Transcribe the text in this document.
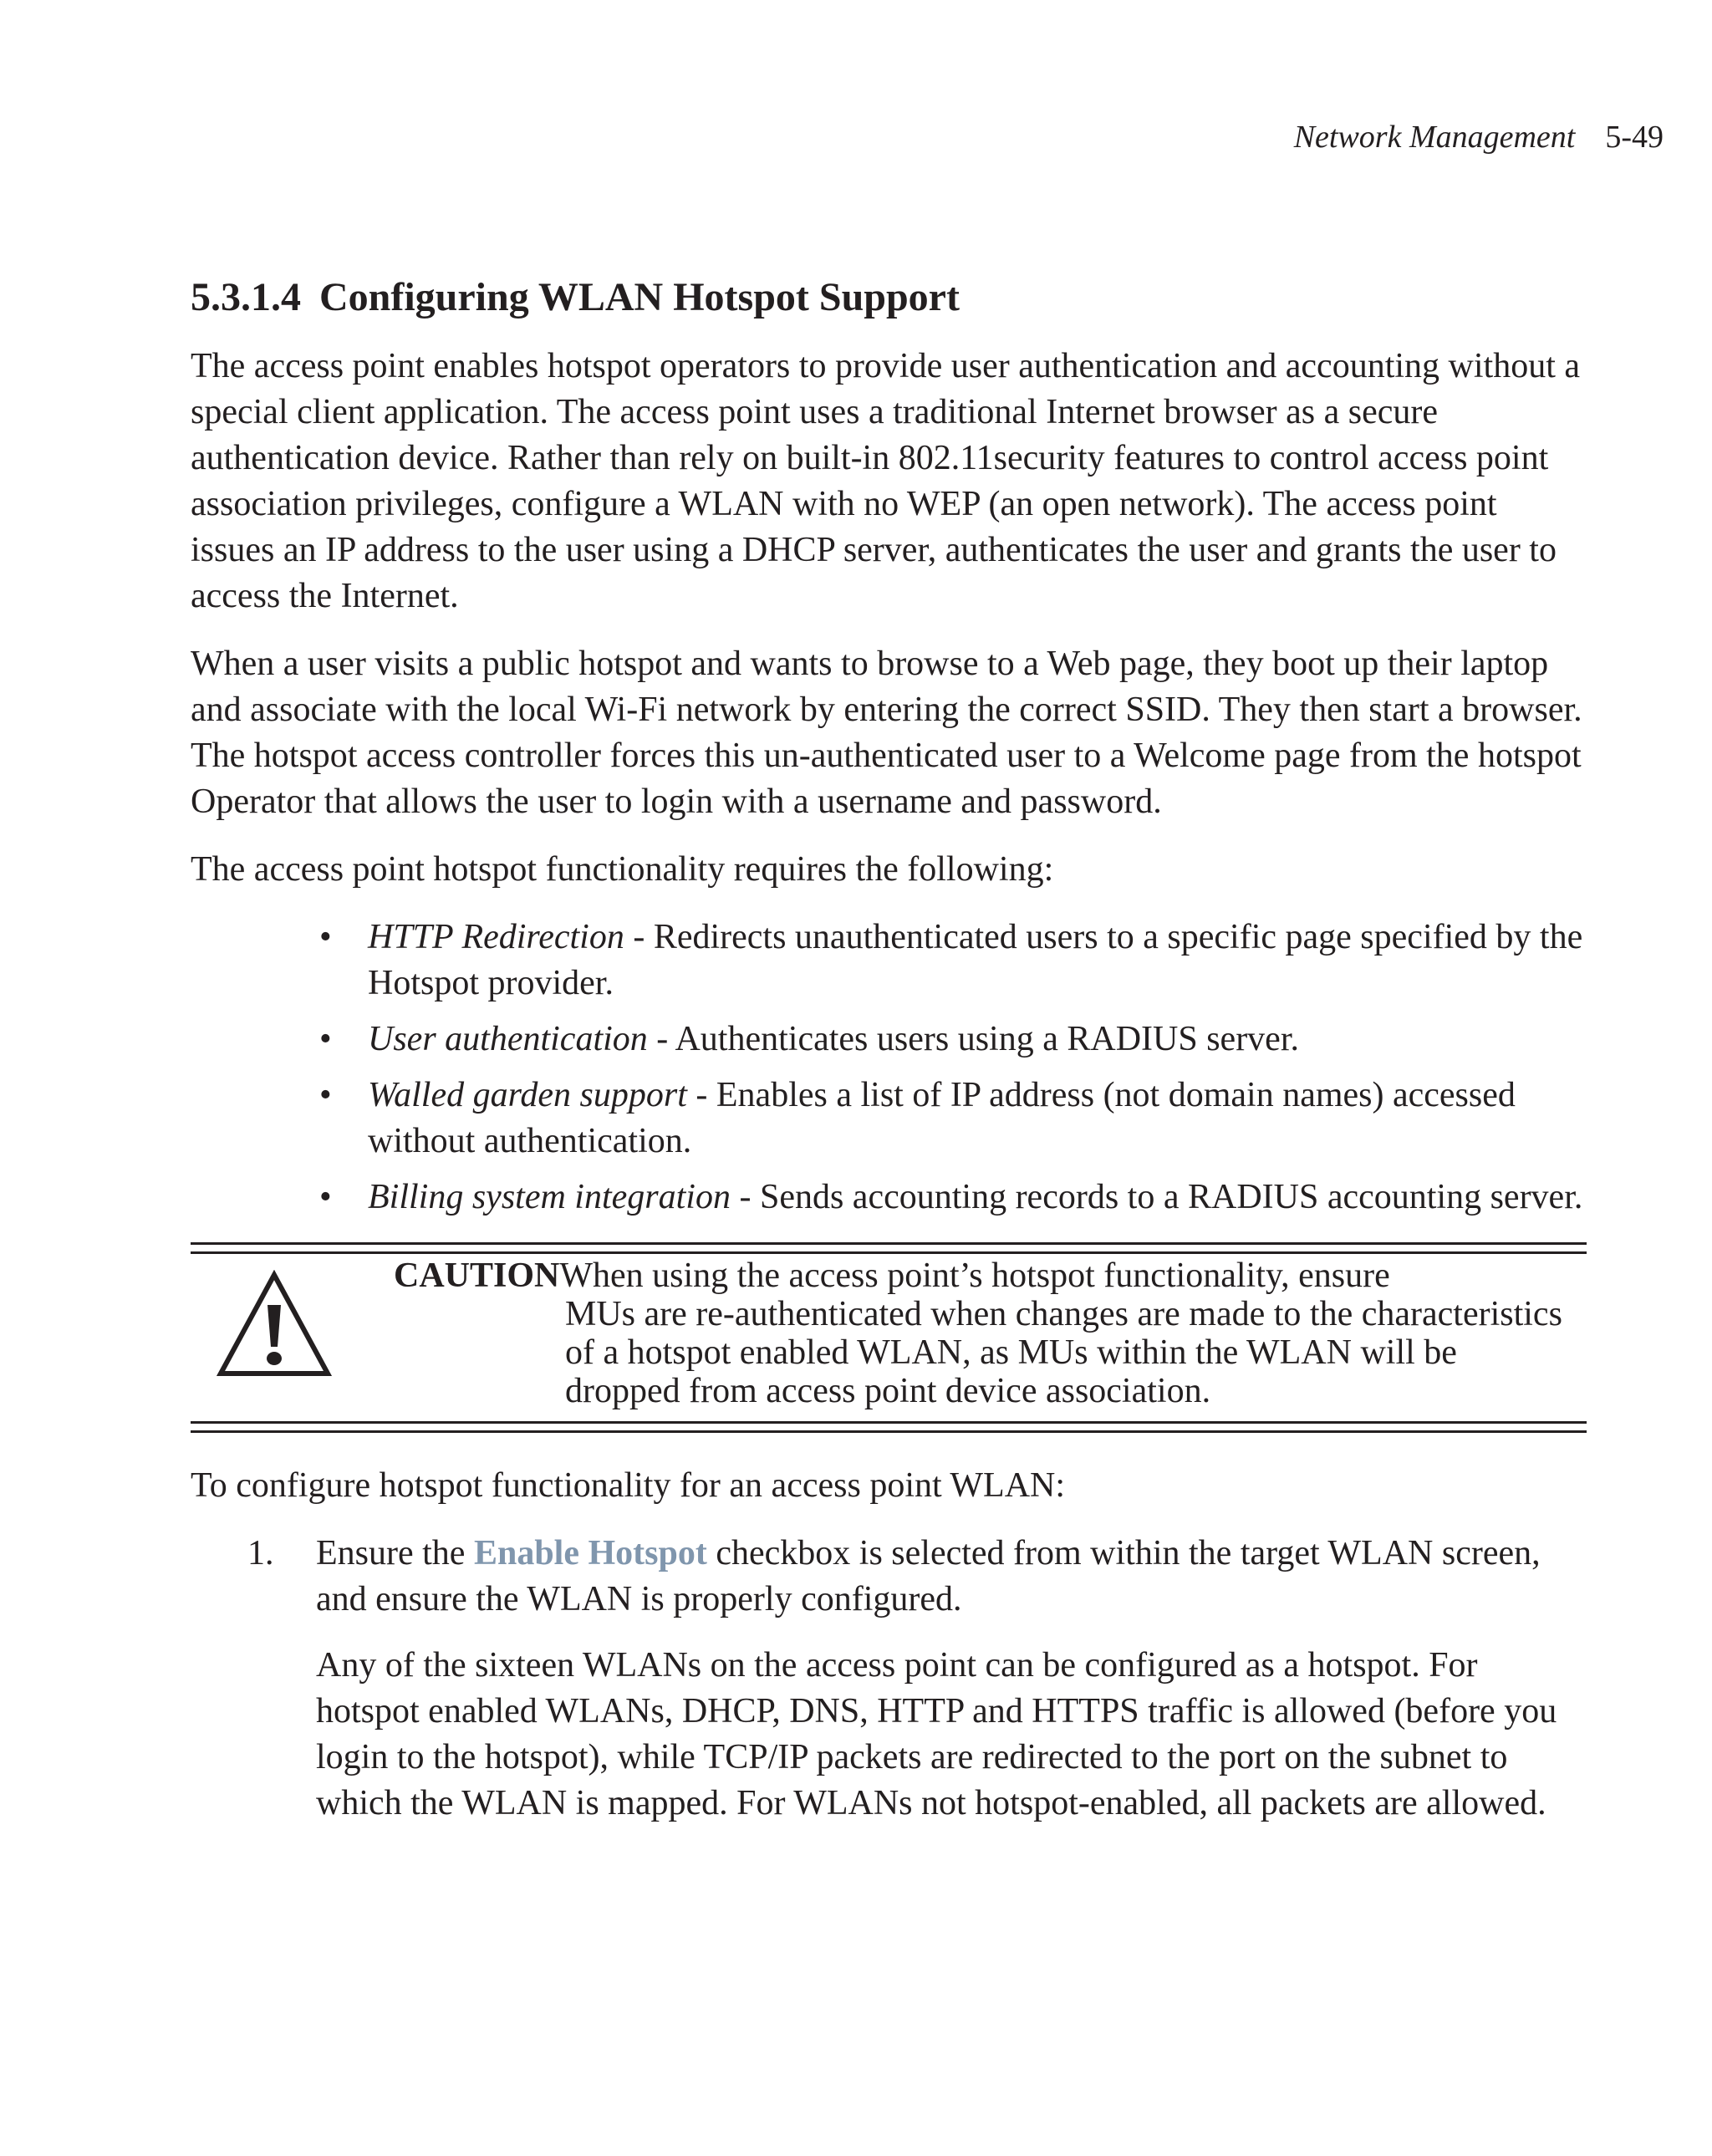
Network Management 5-49
5.3.1.4 Configuring WLAN Hotspot Support

The access point enables hotspot operators to provide user authentication and accounting without a special client application. The access point uses a traditional Internet browser as a secure authentication device. Rather than rely on built-in 802.11security features to control access point association privileges, configure a WLAN with no WEP (an open network). The access point issues an IP address to the user using a DHCP server, authenticates the user and grants the user to access the Internet.

When a user visits a public hotspot and wants to browse to a Web page, they boot up their laptop and associate with the local Wi-Fi network by entering the correct SSID. They then start a browser. The hotspot access controller forces this un-authenticated user to a Welcome page from the hotspot Operator that allows the user to login with a username and password.

The access point hotspot functionality requires the following:

• HTTP Redirection - Redirects unauthenticated users to a specific page specified by the Hotspot provider.
• User authentication - Authenticates users using a RADIUS server.
• Walled garden support - Enables a list of IP address (not domain names) accessed without authentication.
• Billing system integration - Sends accounting records to a RADIUS accounting server.
CAUTIONWhen using the access point’s hotspot functionality, ensure
MUs are re-authenticated when changes are made to the characteristics of a hotspot enabled WLAN, as MUs within the WLAN will be dropped from access point device association.

To configure hotspot functionality for an access point WLAN:

1. Ensure the Enable Hotspot checkbox is selected from within the target WLAN screen, and ensure the WLAN is properly configured.

Any of the sixteen WLANs on the access point can be configured as a hotspot. For hotspot enabled WLANs, DHCP, DNS, HTTP and HTTPS traffic is allowed (before you login to the hotspot), while TCP/IP packets are redirected to the port on the subnet to which the WLAN is mapped. For WLANs not hotspot-enabled, all packets are allowed.
